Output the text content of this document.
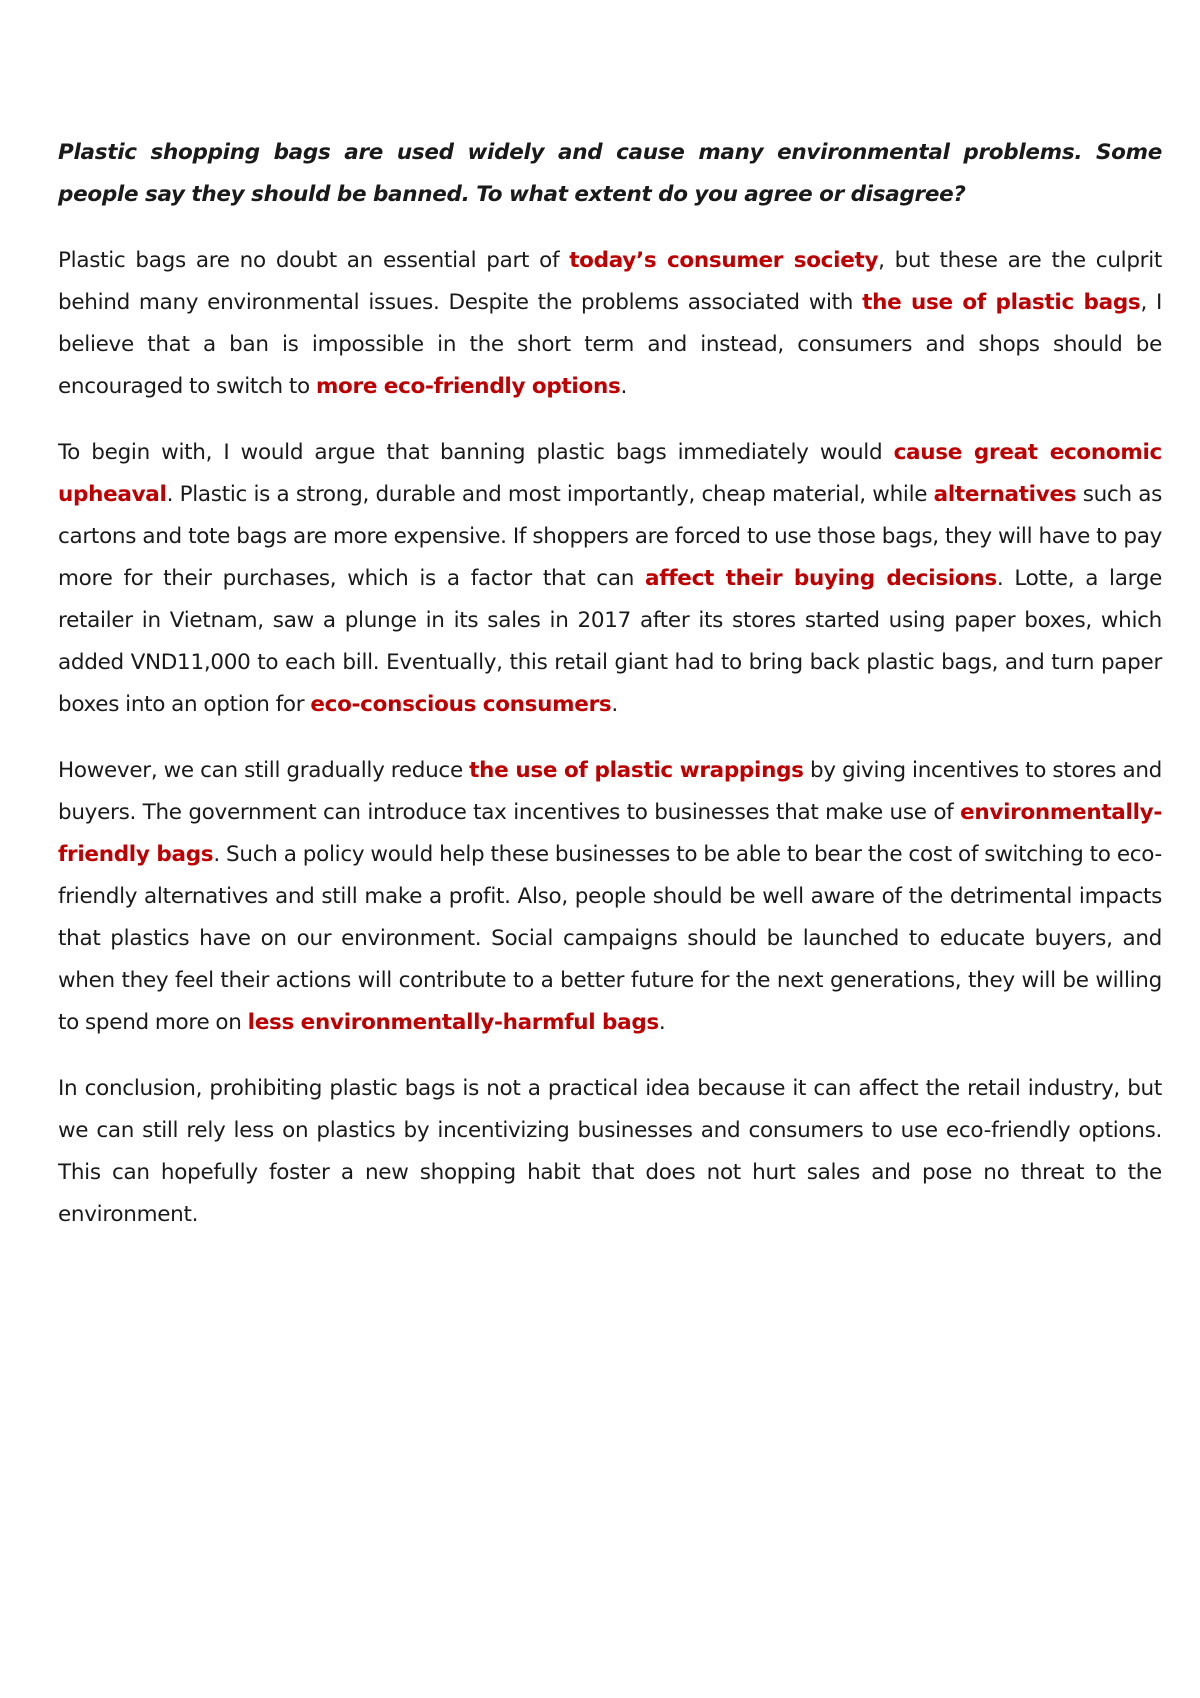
Plastic shopping bags are used widely and cause many environmental problems. Some people say they should be banned. To what extent do you agree or disagree?

Plastic bags are no doubt an essential part of today’s consumer society, but these are the culprit behind many environmental issues. Despite the problems associated with the use of plastic bags, I believe that a ban is impossible in the short term and instead, consumers and shops should be encouraged to switch to more eco-friendly options.

To begin with, I would argue that banning plastic bags immediately would cause great economic upheaval. Plastic is a strong, durable and most importantly, cheap material, while alternatives such as cartons and tote bags are more expensive. If shoppers are forced to use those bags, they will have to pay more for their purchases, which is a factor that can affect their buying decisions. Lotte, a large retailer in Vietnam, saw a plunge in its sales in 2017 after its stores started using paper boxes, which added VND11,000 to each bill. Eventually, this retail giant had to bring back plastic bags, and turn paper boxes into an option for eco-conscious consumers.

However, we can still gradually reduce the use of plastic wrappings by giving incentives to stores and buyers. The government can introduce tax incentives to businesses that make use of environmentally-friendly bags. Such a policy would help these businesses to be able to bear the cost of switching to eco-friendly alternatives and still make a profit. Also, people should be well aware of the detrimental impacts that plastics have on our environment. Social campaigns should be launched to educate buyers, and when they feel their actions will contribute to a better future for the next generations, they will be willing to spend more on less environmentally-harmful bags.

In conclusion, prohibiting plastic bags is not a practical idea because it can affect the retail industry, but we can still rely less on plastics by incentivizing businesses and consumers to use eco-friendly options. This can hopefully foster a new shopping habit that does not hurt sales and pose no threat to the environment.
